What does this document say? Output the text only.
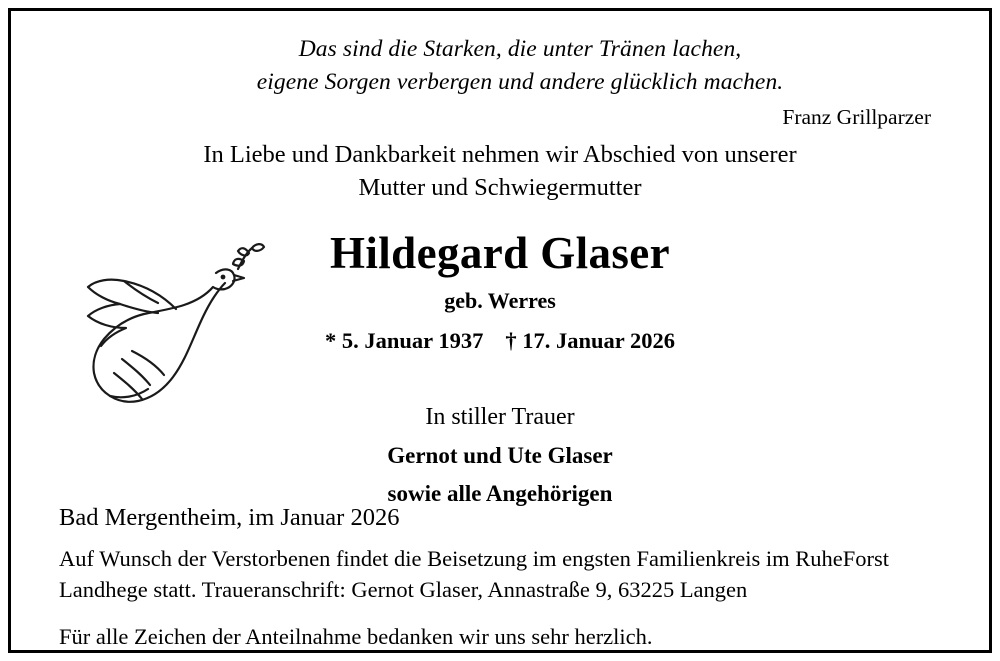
Das sind die Starken, die unter Tränen lachen,
eigene Sorgen verbergen und andere glücklich machen.
Franz Grillparzer
In Liebe und Dankbarkeit nehmen wir Abschied von unserer
Mutter und Schwiegermutter
Hildegard Glaser
geb. Werres
* 5. Januar 1937 † 17. Januar 2026
In stiller Trauer
Gernot und Ute Glaser
sowie alle Angehörigen
Bad Mergentheim, im Januar 2026
Auf Wunsch der Verstorbenen findet die Beisetzung im engsten Familienkreis im RuheForst
Landhege statt. Traueranschrift: Gernot Glaser, Annastraße 9, 63225 Langen
Für alle Zeichen der Anteilnahme bedanken wir uns sehr herzlich.
